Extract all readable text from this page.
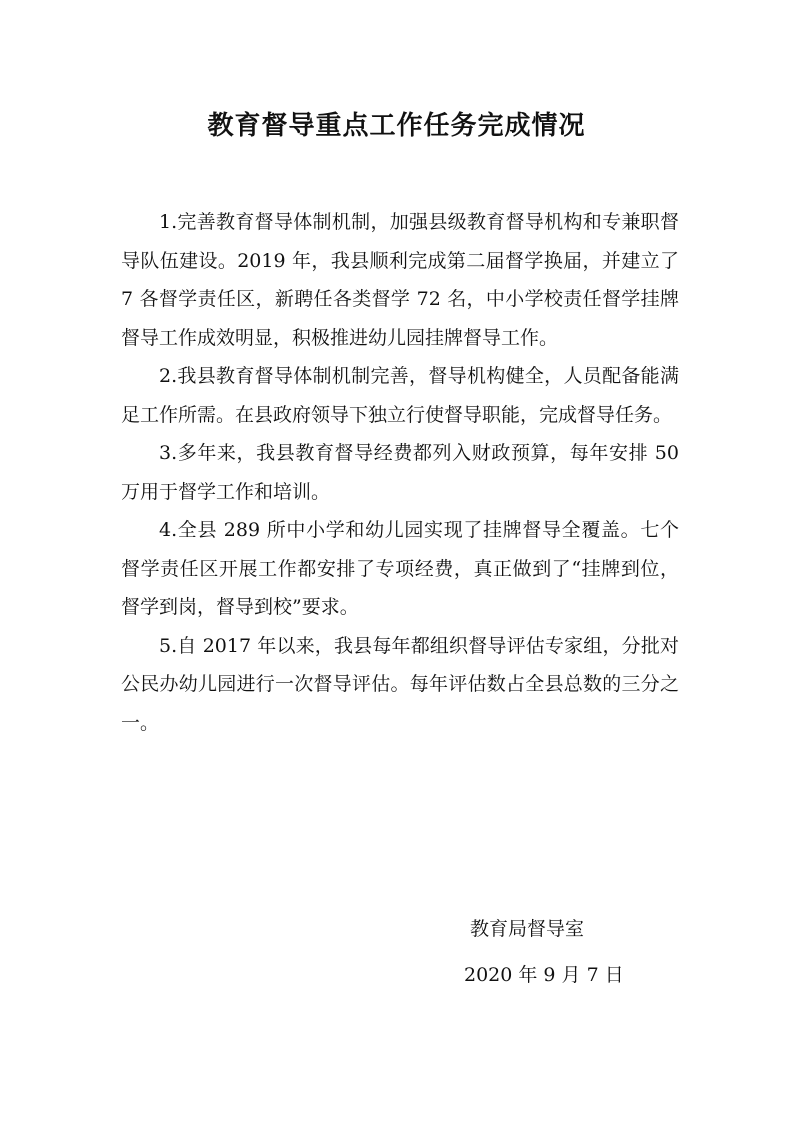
教育督导重点工作任务完成情况

1.完善教育督导体制机制，加强县级教育督导机构和专兼职督导队伍建设。2019 年，我县顺利完成第二届督学换届，并建立了 7 各督学责任区，新聘任各类督学 72 名，中小学校责任督学挂牌督导工作成效明显，积极推进幼儿园挂牌督导工作。

2.我县教育督导体制机制完善，督导机构健全，人员配备能满足工作所需。在县政府领导下独立行使督导职能，完成督导任务。

3.多年来，我县教育督导经费都列入财政预算，每年安排 50 万用于督学工作和培训。

4.全县 289 所中小学和幼儿园实现了挂牌督导全覆盖。七个督学责任区开展工作都安排了专项经费，真正做到了“挂牌到位，督学到岗，督导到校”要求。

5.自 2017 年以来，我县每年都组织督导评估专家组，分批对公民办幼儿园进行一次督导评估。每年评估数占全县总数的三分之一。

教育局督导室

2020 年 9 月 7 日
